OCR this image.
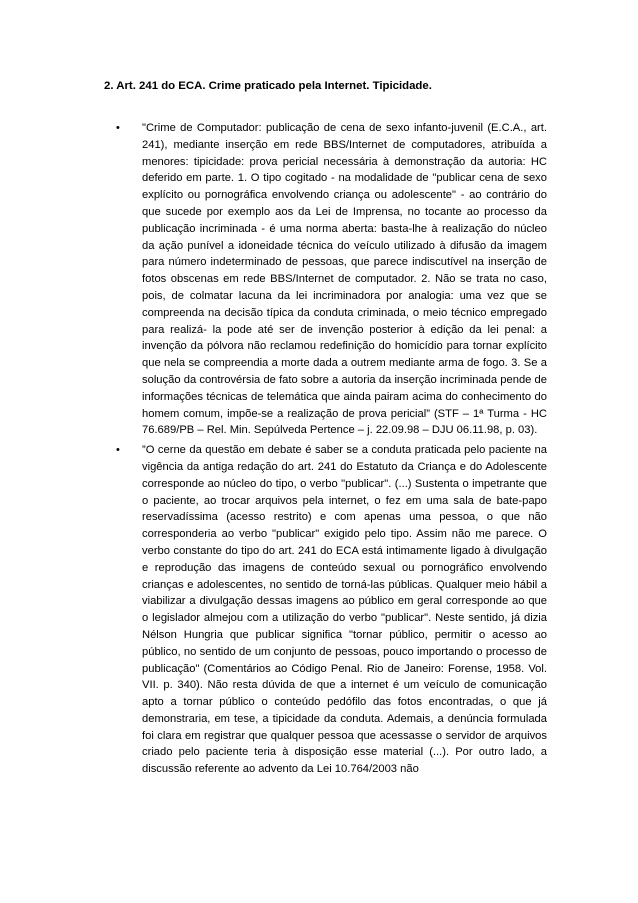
2. Art. 241 do ECA. Crime praticado pela Internet. Tipicidade.
• "Crime de Computador: publicação de cena de sexo infanto-juvenil (E.C.A., art. 241), mediante inserção em rede BBS/Internet de computadores, atribuída a menores: tipicidade: prova pericial necessária à demonstração da autoria: HC deferido em parte. 1. O tipo cogitado - na modalidade de "publicar cena de sexo explícito ou pornográfica envolvendo criança ou adolescente" - ao contrário do que sucede por exemplo aos da Lei de Imprensa, no tocante ao processo da publicação incriminada - é uma norma aberta: basta-lhe à realização do núcleo da ação punível a idoneidade técnica do veículo utilizado à difusão da imagem para número indeterminado de pessoas, que parece indiscutível na inserção de fotos obscenas em rede BBS/Internet de computador. 2. Não se trata no caso, pois, de colmatar lacuna da lei incriminadora por analogia: uma vez que se compreenda na decisão típica da conduta criminada, o meio técnico empregado para realizá- la pode até ser de invenção posterior à edição da lei penal: a invenção da pólvora não reclamou redefinição do homicídio para tornar explícito que nela se compreendia a morte dada a outrem mediante arma de fogo. 3. Se a solução da controvérsia de fato sobre a autoria da inserção incriminada pende de informações técnicas de telemática que ainda pairam acima do conhecimento do homem comum, impõe-se a realização de prova pericial” (STF – 1ª Turma - HC 76.689/PB – Rel. Min. Sepúlveda Pertence – j. 22.09.98 – DJU 06.11.98, p. 03).
• ”O cerne da questão em debate é saber se a conduta praticada pelo paciente na vigência da antiga redação do art. 241 do Estatuto da Criança e do Adolescente corresponde ao núcleo do tipo, o verbo "publicar". (...) Sustenta o impetrante que o paciente, ao trocar arquivos pela internet, o fez em uma sala de bate-papo reservadíssima (acesso restrito) e com apenas uma pessoa, o que não corresponderia ao verbo "publicar" exigido pelo tipo. Assim não me parece. O verbo constante do tipo do art. 241 do ECA está intimamente ligado à divulgação e reprodução das imagens de conteúdo sexual ou pornográfico envolvendo crianças e adolescentes, no sentido de torná-las públicas. Qualquer meio hábil a viabilizar a divulgação dessas imagens ao público em geral corresponde ao que o legislador almejou com a utilização do verbo "publicar". Neste sentido, já dizia Nélson Hungria que publicar significa "tornar público, permitir o acesso ao público, no sentido de um conjunto de pessoas, pouco importando o processo de publicação" (Comentários ao Código Penal. Rio de Janeiro: Forense, 1958. Vol. VII. p. 340). Não resta dúvida de que a internet é um veículo de comunicação apto a tornar público o conteúdo pedófilo das fotos encontradas, o que já demonstraria, em tese, a tipicidade da conduta. Ademais, a denúncia formulada foi clara em registrar que qualquer pessoa que acessasse o servidor de arquivos criado pelo paciente teria à disposição esse material (...). Por outro lado, a discussão referente ao advento da Lei 10.764/2003 não
